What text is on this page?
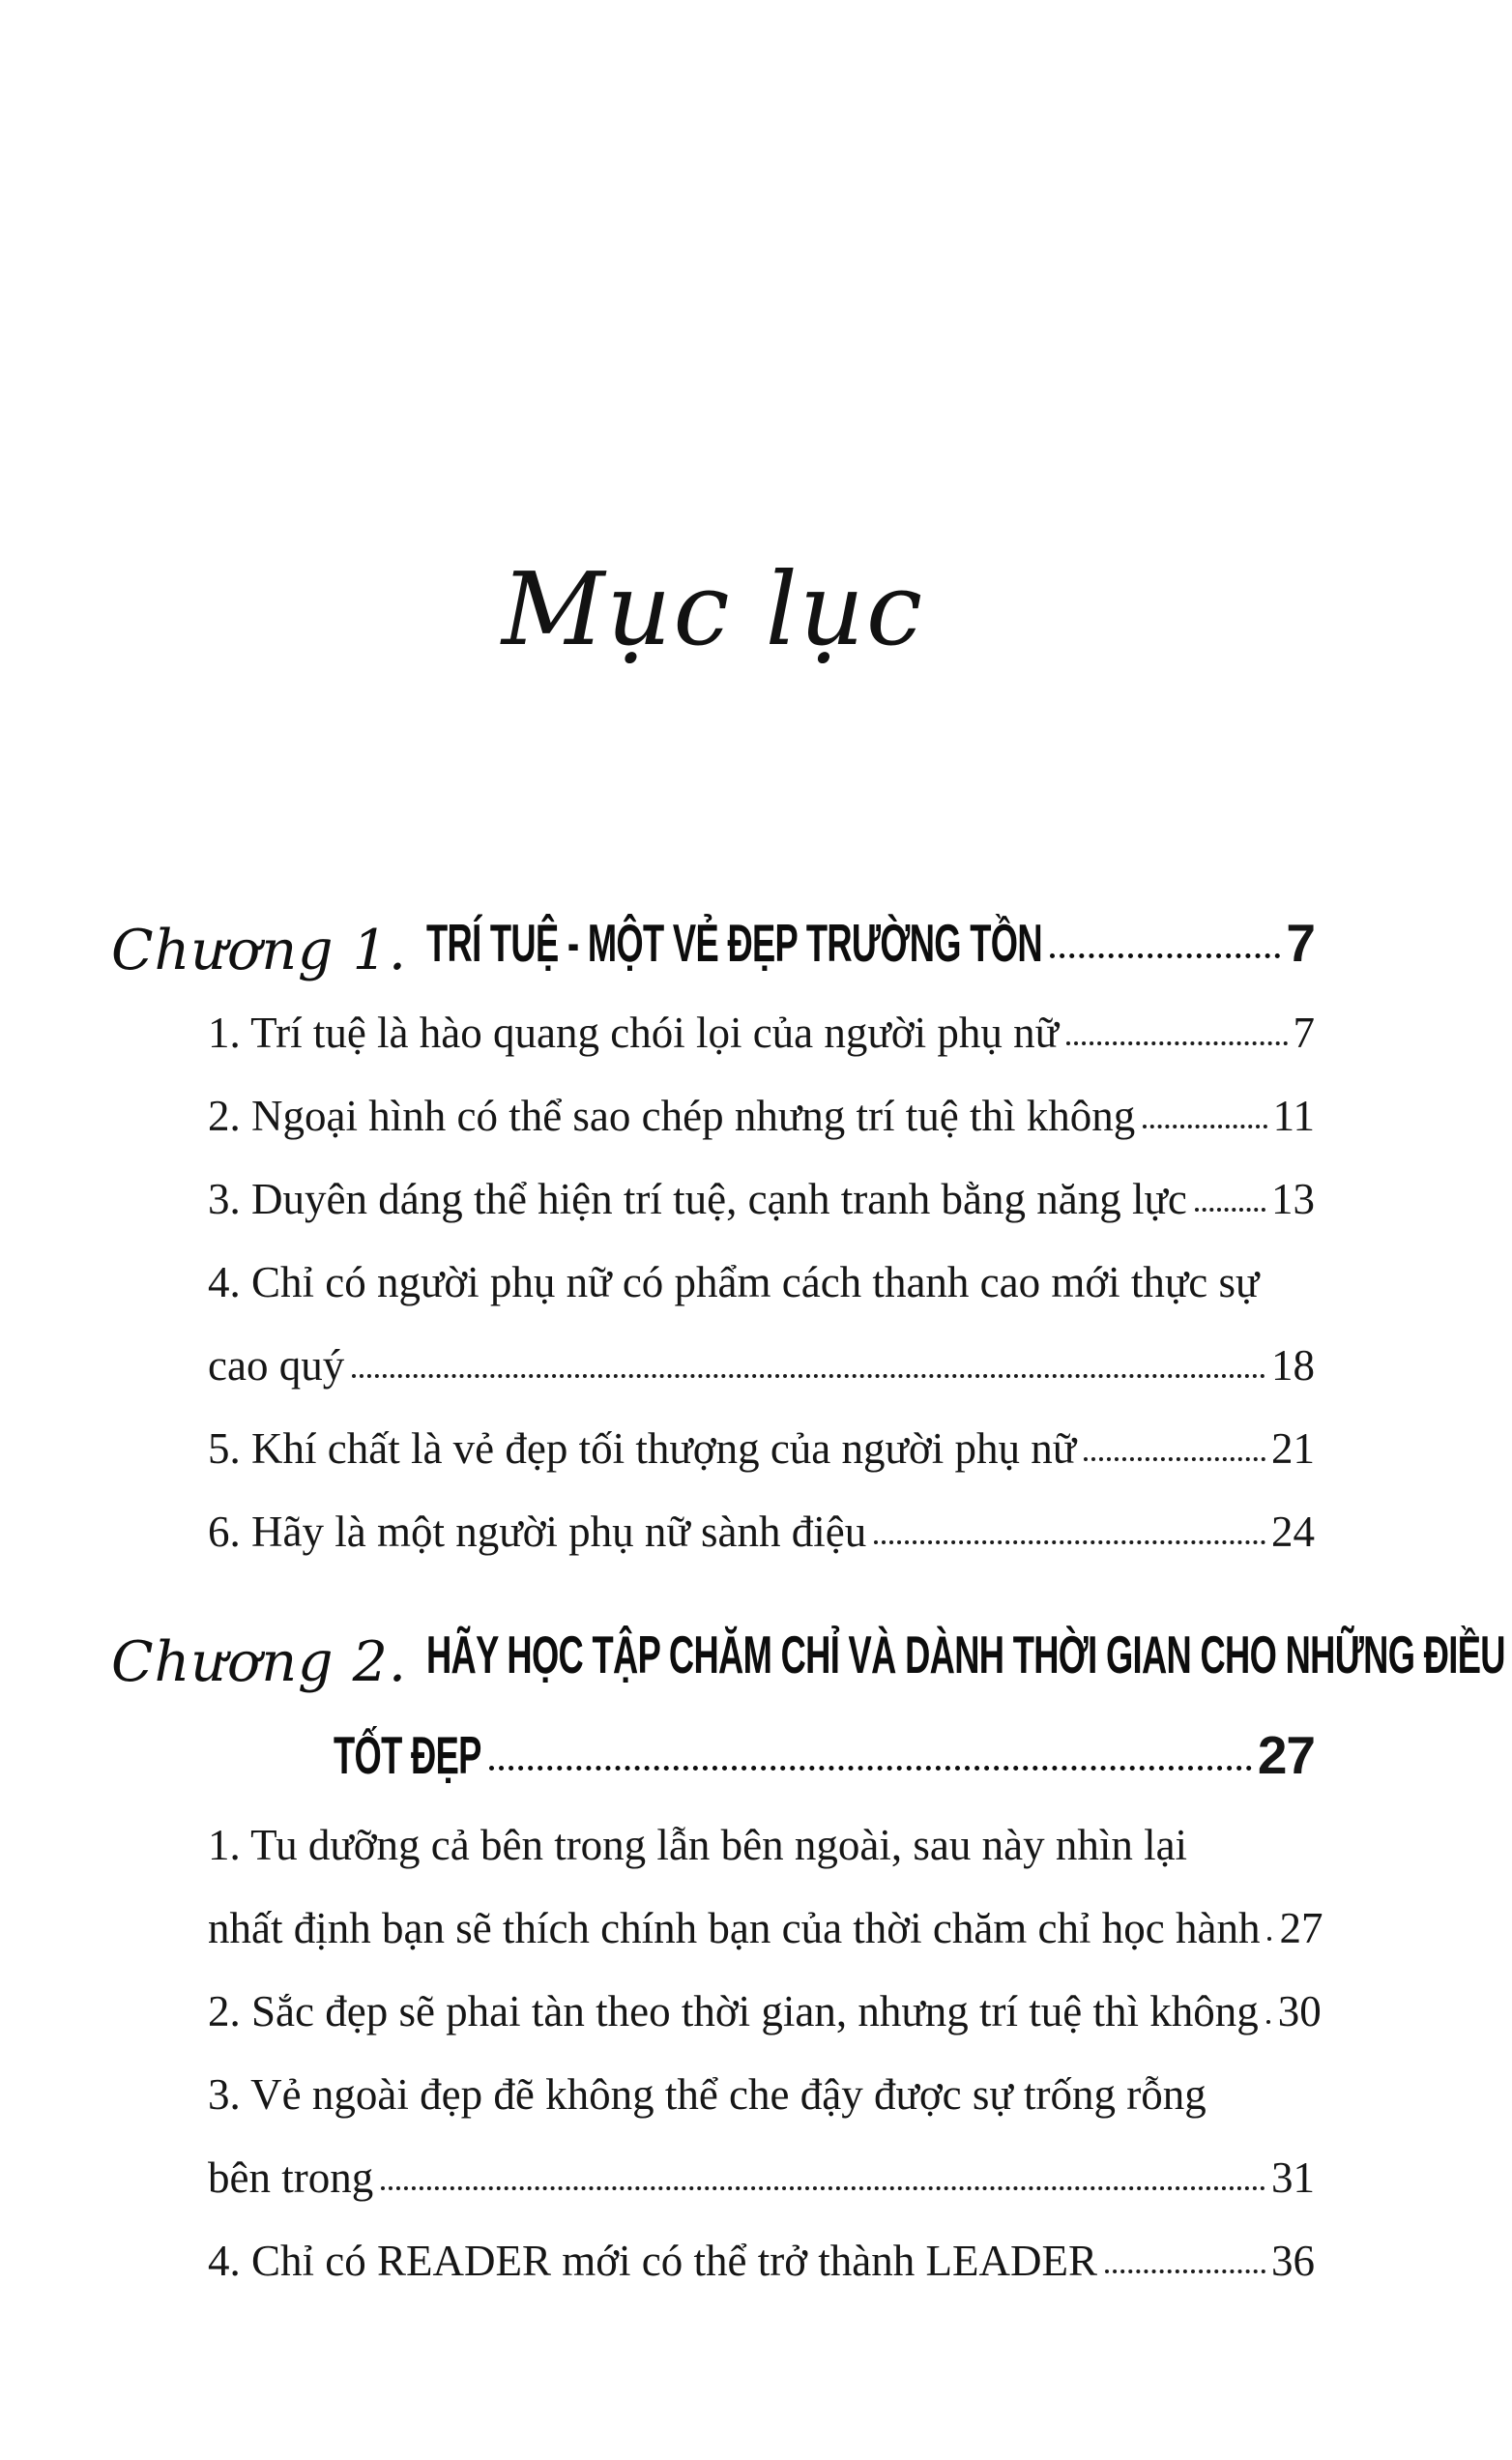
Mục lục
Chương 1. TRÍ TUỆ - MỘT VẺ ĐẸP TRƯỜNG TỒN	7
1. Trí tuệ là hào quang chói lọi của người phụ nữ	7
2. Ngoại hình có thể sao chép nhưng trí tuệ thì không	11
3. Duyên dáng thể hiện trí tuệ, cạnh tranh bằng năng lực 13
4. Chỉ có người phụ nữ có phẩm cách thanh cao mới thực sự
cao quý	18
5. Khí chất là vẻ đẹp tối thượng của người phụ nữ	21
6. Hãy là một người phụ nữ sành điệu	24
Chương 2. HÃY HỌC TẬP CHĂM CHỈ VÀ DÀNH THỜI GIAN CHO NHỮNG ĐIỀU
TỐT ĐẸP	27
1. Tu dưỡng cả bên trong lẫn bên ngoài, sau này nhìn lại
nhất định bạn sẽ thích chính bạn của thời chăm chỉ học hành 27
2. Sắc đẹp sẽ phai tàn theo thời gian, nhưng trí tuệ thì không 30
3. Vẻ ngoài đẹp đẽ không thể che đậy được sự trống rỗng
bên trong	31
4. Chỉ có READER mới có thể trở thành LEADER	36
